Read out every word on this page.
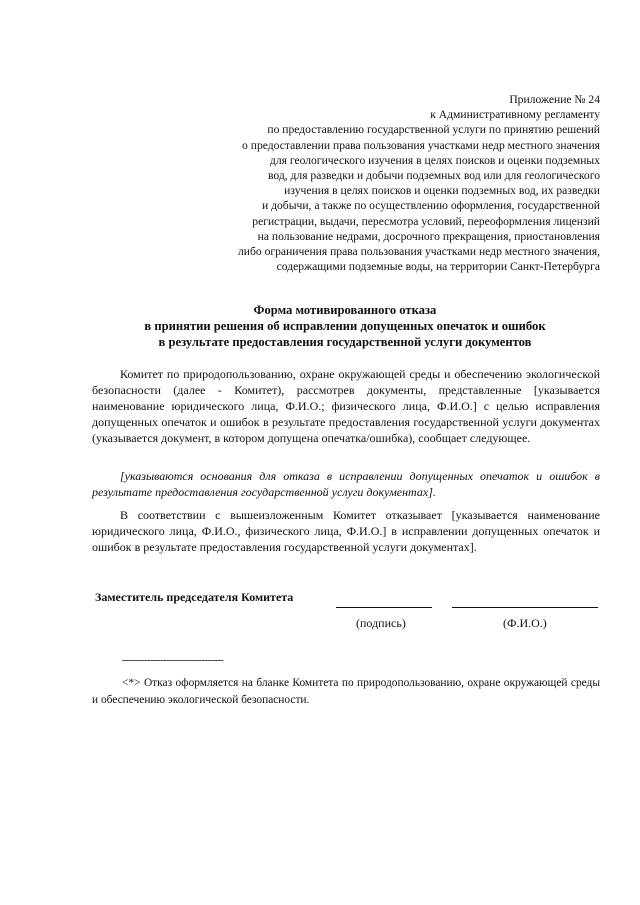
Приложение № 24
к Административному регламенту
по предоставлению государственной услуги по принятию решений
о предоставлении права пользования участками недр местного значения
для геологического изучения в целях поисков и оценки подземных
вод, для разведки и добычи подземных вод или для геологического
изучения в целях поисков и оценки подземных вод, их разведки
и добычи, а также по осуществлению оформления, государственной
регистрации, выдачи, пересмотра условий, переоформления лицензий
на пользование недрами, досрочного прекращения, приостановления
либо ограничения права пользования участками недр местного значения,
содержащими подземные воды, на территории Санкт-Петербурга
Форма мотивированного отказа
в принятии решения об исправлении допущенных опечаток и ошибок
в результате предоставления государственной услуги документов

Комитет по природопользованию, охране окружающей среды и обеспечению экологической безопасности (далее - Комитет), рассмотрев документы, представленные [указывается наименование юридического лица, Ф.И.О.; физического лица, Ф.И.О.] с целью исправления допущенных опечаток и ошибок в результате предоставления государственной услуги документах (указывается документ, в котором допущена опечатка/ошибка), сообщает следующее.

[указываются основания для отказа в исправлении допущенных опечаток и ошибок в результате предоставления государственной услуги документах].

В соответствии с вышеизложенным Комитет отказывает [указывается наименование юридического лица, Ф.И.О., физического лица, Ф.И.О.] в исправлении допущенных опечаток и ошибок в результате предоставления государственной услуги документах].

Заместитель председателя Комитета
(подпись)	(Ф.И.О.)
--------------------------------

<*> Отказ оформляется на бланке Комитета по природопользованию, охране окружающей среды и обеспечению экологической безопасности.
